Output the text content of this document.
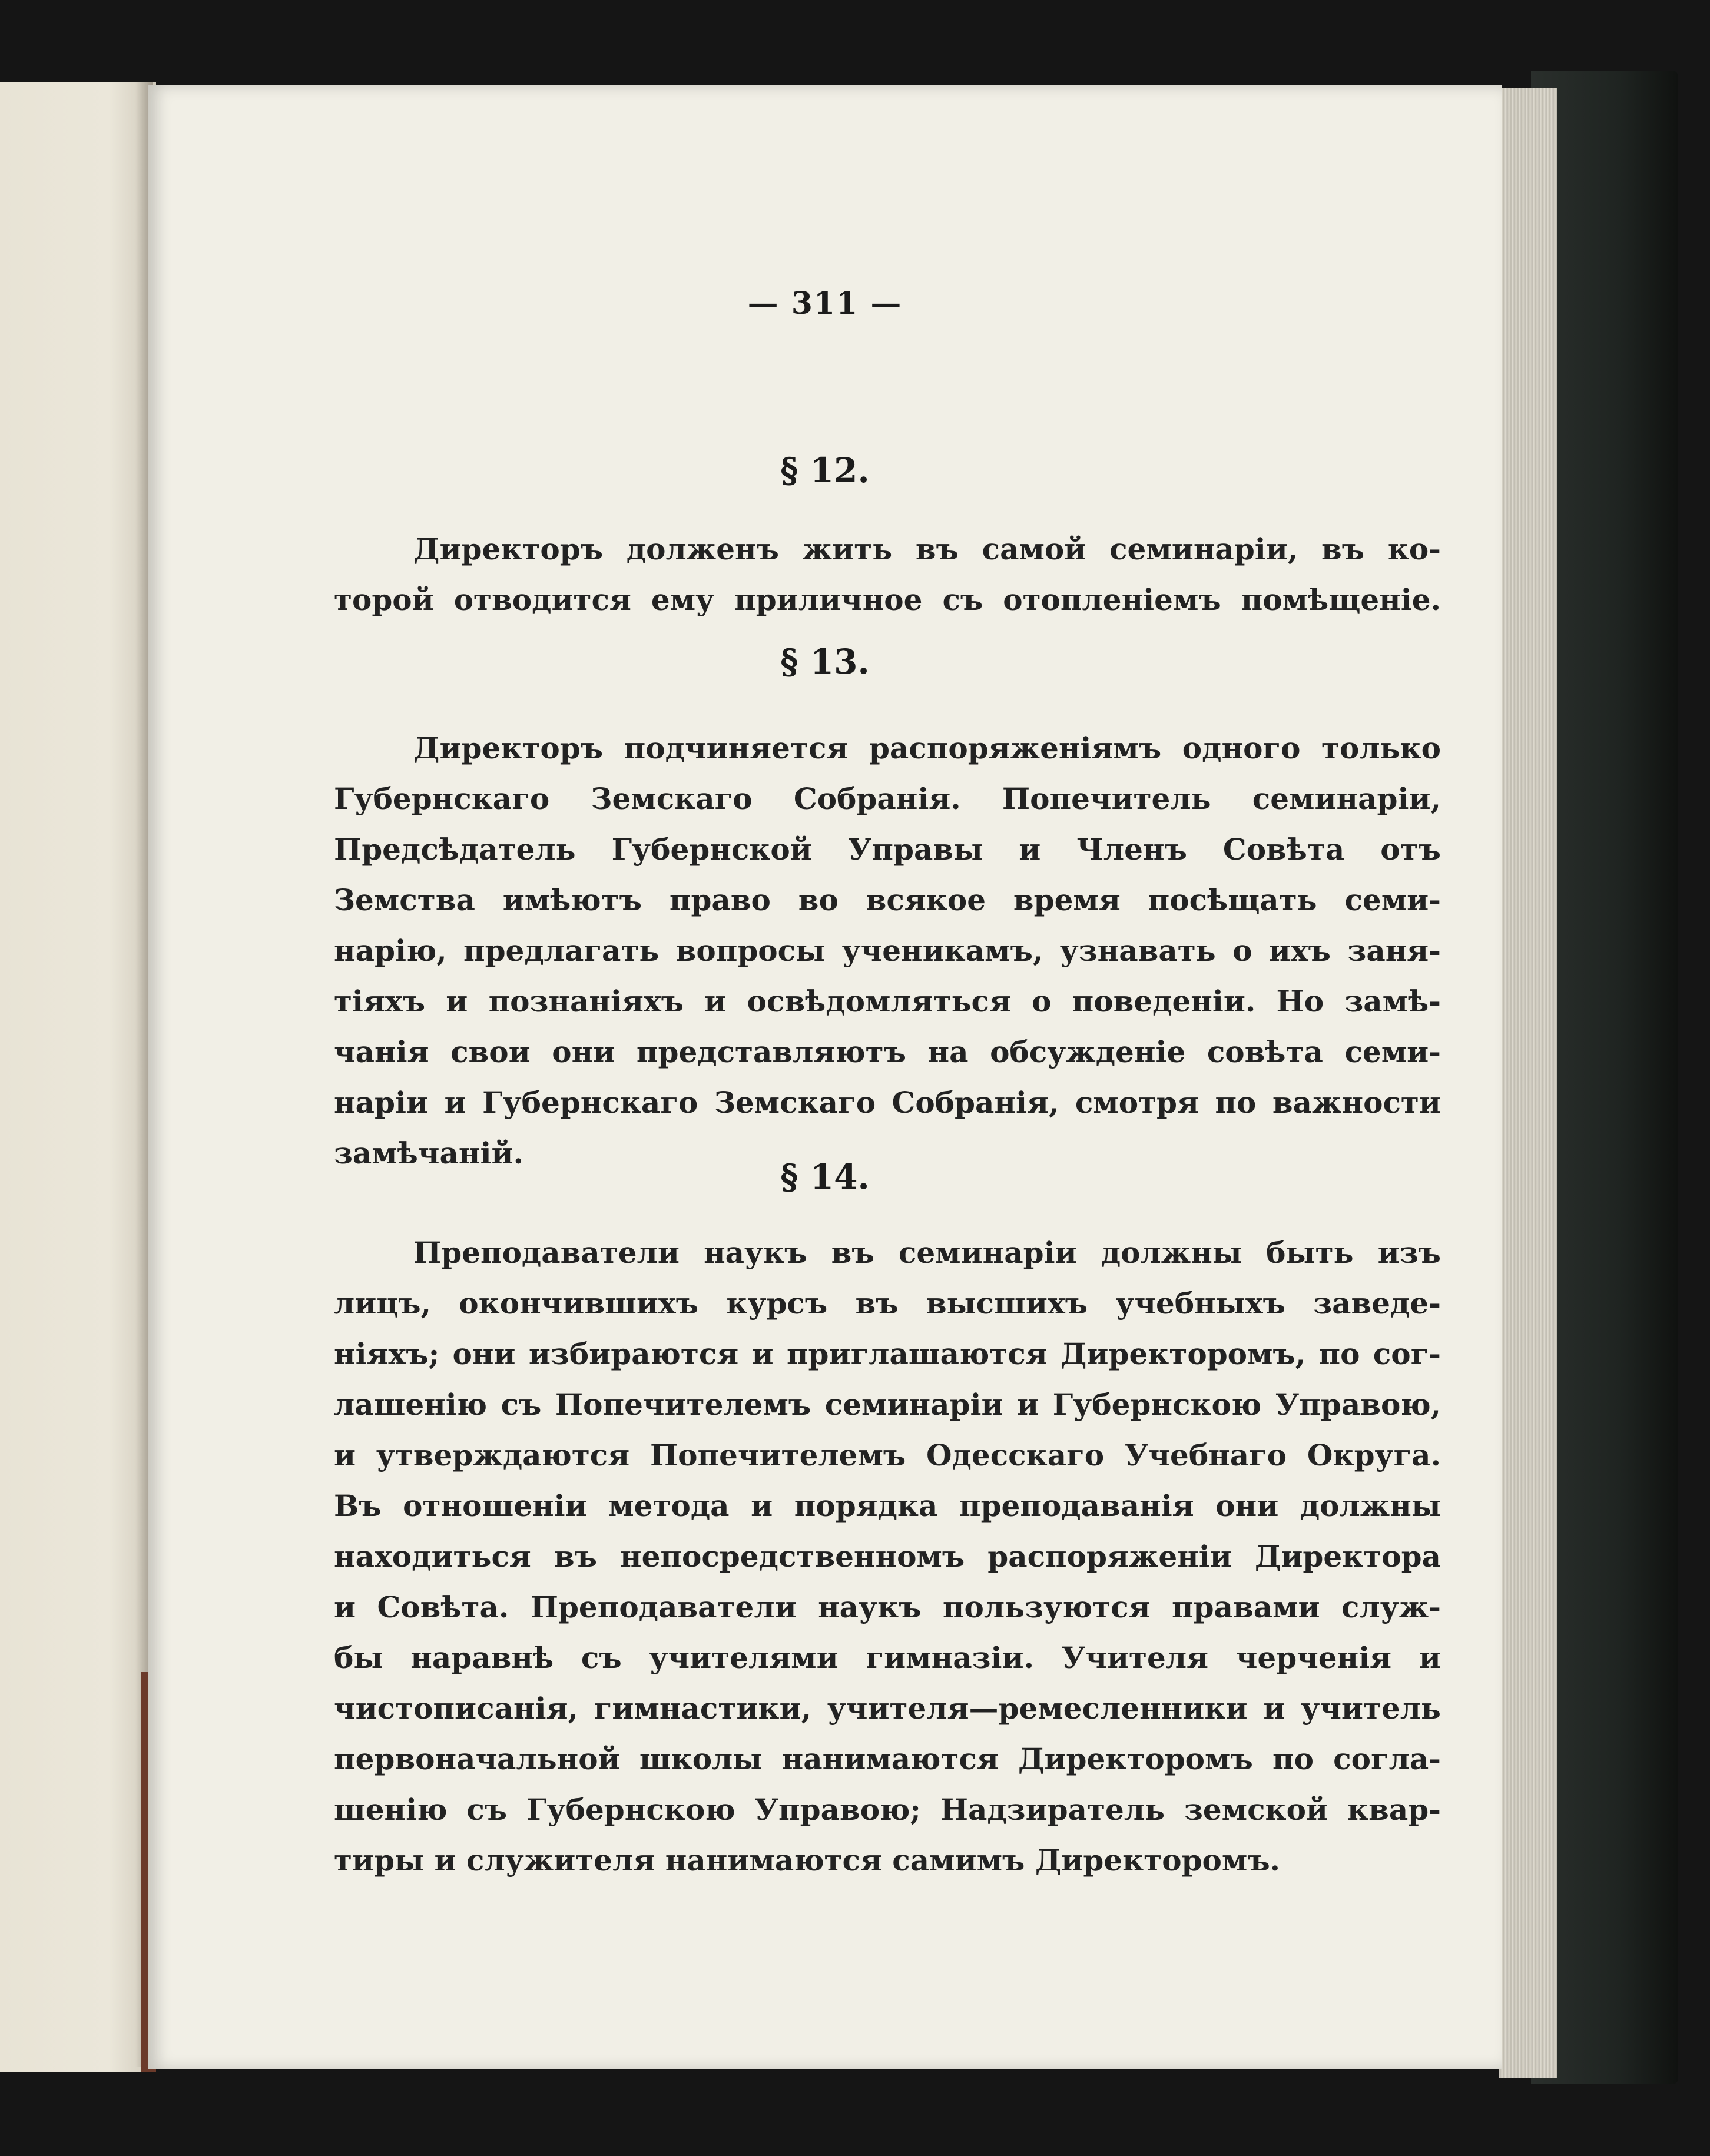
— 311 —
§ 12.
Директоръ долженъ жить въ самой семинаріи, въ ко-
торой отводится ему приличное съ отопленіемъ помѣщеніе.
§ 13.
Директоръ подчиняется распоряженіямъ одного только
Губернскаго Земскаго Собранія. Попечитель семинаріи,
Предсѣдатель Губернской Управы и Членъ Совѣта отъ
Земства имѣютъ право во всякое время посѣщать семи-
нарію, предлагать вопросы ученикамъ, узнавать о ихъ заня-
тіяхъ и познаніяхъ и освѣдомляться о поведеніи. Но замѣ-
чанія свои они представляютъ на обсужденіе совѣта семи-
наріи и Губернскаго Земскаго Собранія, смотря по важности
замѣчаній.
§ 14.
Преподаватели наукъ въ семинаріи должны быть изъ
лицъ, окончившихъ курсъ въ высшихъ учебныхъ заведе-
ніяхъ; они избираются и приглашаются Директоромъ, по сог-
лашенію съ Попечителемъ семинаріи и Губернскою Управою,
и утверждаются Попечителемъ Одесскаго Учебнаго Округа.
Въ отношеніи метода и порядка преподаванія они должны
находиться въ непосредственномъ распоряженіи Директора
и Совѣта. Преподаватели наукъ пользуются правами служ-
бы наравнѣ съ учителями гимназіи. Учителя черченія и
чистописанія, гимнастики, учителя—ремесленники и учитель
первоначальной школы нанимаются Директоромъ по согла-
шенію съ Губернскою Управою; Надзиратель земской квар-
тиры и служителя нанимаются самимъ Директоромъ.
